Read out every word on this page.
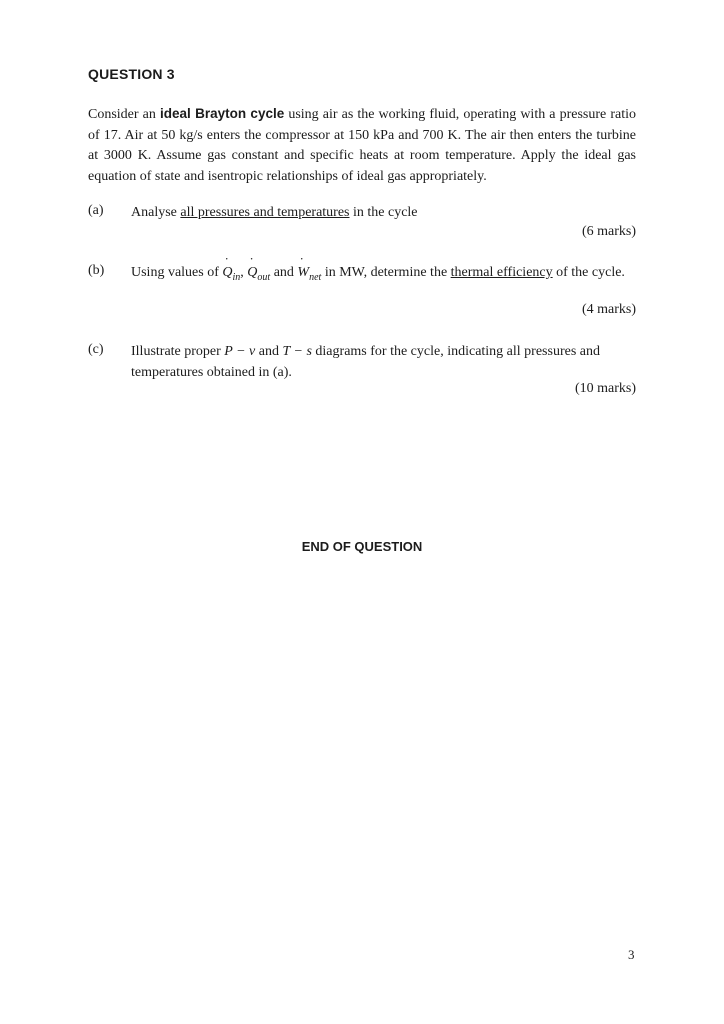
QUESTION 3
Consider an ideal Brayton cycle using air as the working fluid, operating with a pressure ratio of 17. Air at 50 kg/s enters the compressor at 150 kPa and 700 K. The air then enters the turbine at 3000 K. Assume gas constant and specific heats at room temperature. Apply the ideal gas equation of state and isentropic relationships of ideal gas appropriately.
(a) Analyse all pressures and temperatures in the cycle
(6 marks)
(b) Using values of ˙ $Q_{in}$, ˙ $Q_{out}$ and ˙ $W_{net}$ in MW, determine the thermal efficiency of the cycle.
(4 marks)
(c) Illustrate proper P − v and T − s diagrams for the cycle, indicating all pressures and temperatures obtained in (a).
(10 marks)
END OF QUESTION
3
